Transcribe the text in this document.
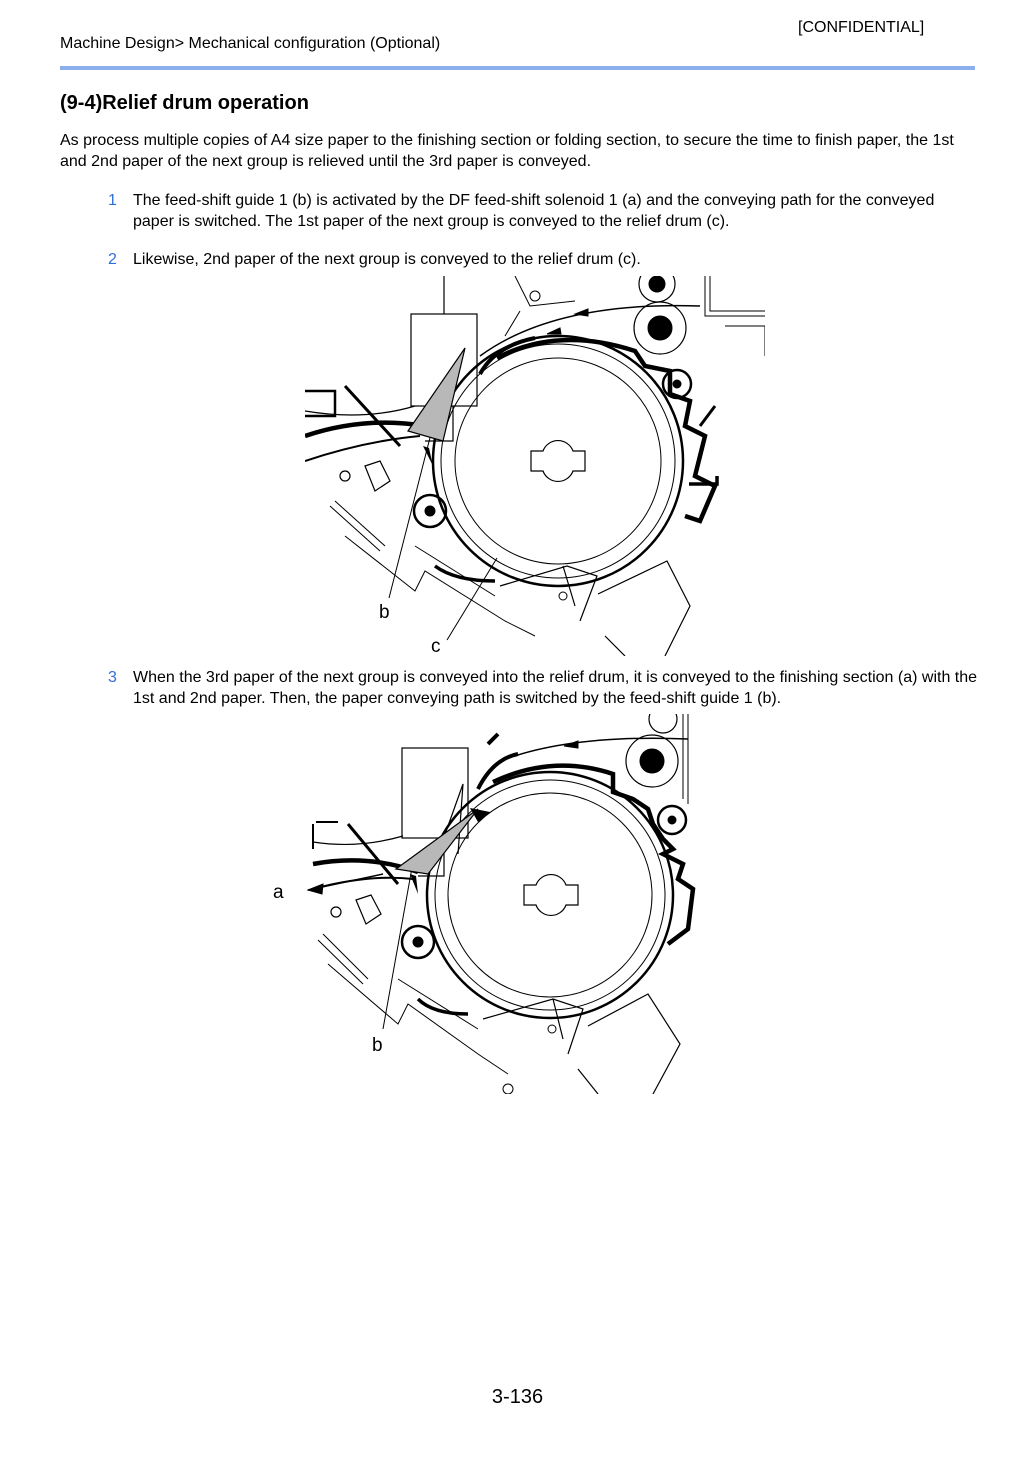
[CONFIDENTIAL]
Machine Design> Mechanical configuration (Optional)
(9-4)Relief drum operation
As process multiple copies of A4 size paper to the finishing section or folding section, to secure the time to finish paper, the 1st and 2nd paper of the next group is relieved until the 3rd paper is conveyed.
1 The feed-shift guide 1 (b) is activated by the DF feed-shift solenoid 1 (a) and the conveying path for the conveyed paper is switched. The 1st paper of the next group is conveyed to the relief drum (c).
2 Likewise, 2nd paper of the next group is conveyed to the relief drum (c).
b
c
3 When the 3rd paper of the next group is conveyed into the relief drum, it is conveyed to the finishing section (a) with the 1st and 2nd paper. Then, the paper conveying path is switched by the feed-shift guide 1 (b).
a
b
3-136
